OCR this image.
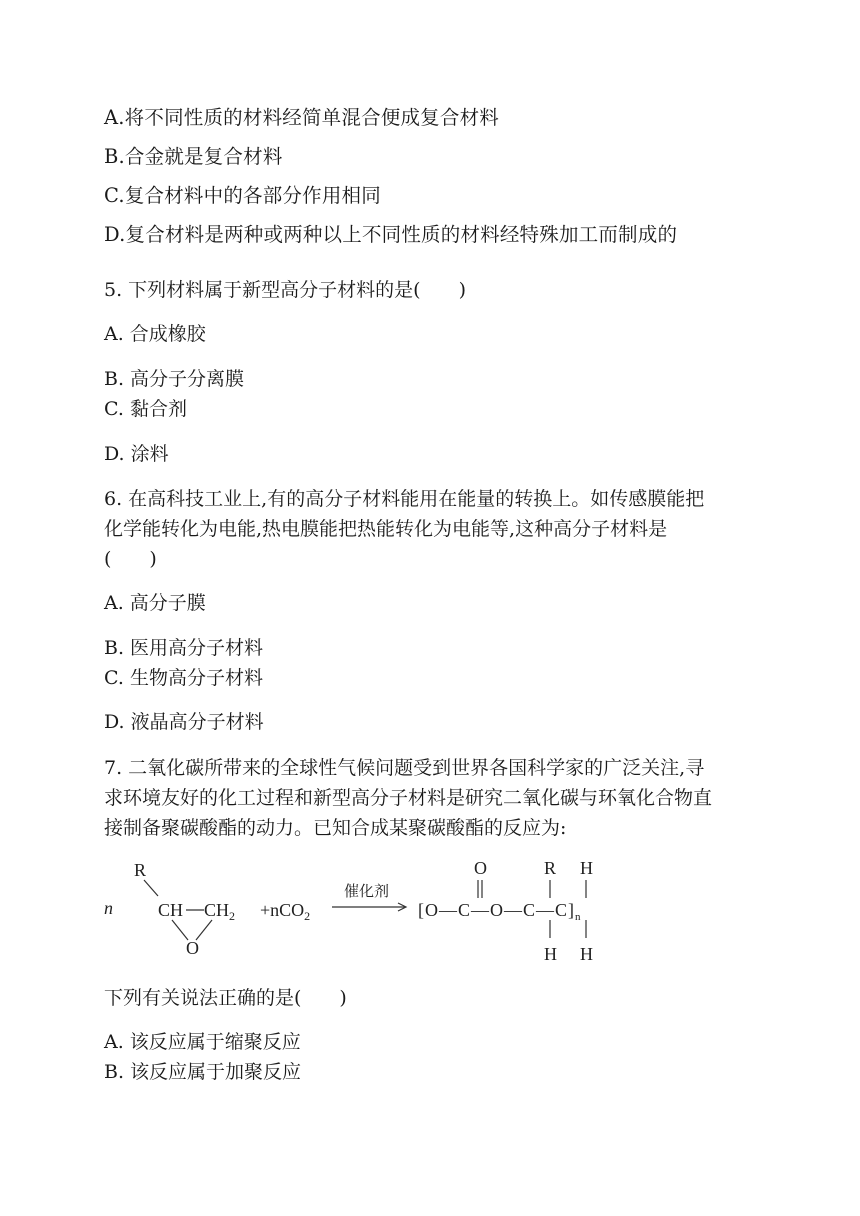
A.将不同性质的材料经简单混合便成复合材料
B.合金就是复合材料
C.复合材料中的各部分作用相同
D.复合材料是两种或两种以上不同性质的材料经特殊加工而制成的
5. 下列材料属于新型高分子材料的是(　　)
A. 合成橡胶
B. 高分子分离膜
C. 黏合剂
D. 涂料
6. 在高科技工业上,有的高分子材料能用在能量的转换上。如传感膜能把
化学能转化为电能,热电膜能把热能转化为电能等,这种高分子材料是
(　　)
A. 高分子膜
B. 医用高分子材料
C. 生物高分子材料
D. 液晶高分子材料
7. 二氧化碳所带来的全球性气候问题受到世界各国科学家的广泛关注,寻
求环境友好的化工过程和新型高分子材料是研究二氧化碳与环氧化合物直
接制备聚碳酸酯的动力。已知合成某聚碳酸酯的反应为:
n
R
CH $CH_2$
O
+nCO$_2$
催化剂
O	R H
$[O—C—O—C—C]_n$
H H
下列有关说法正确的是(　　)
A. 该反应属于缩聚反应
B. 该反应属于加聚反应
